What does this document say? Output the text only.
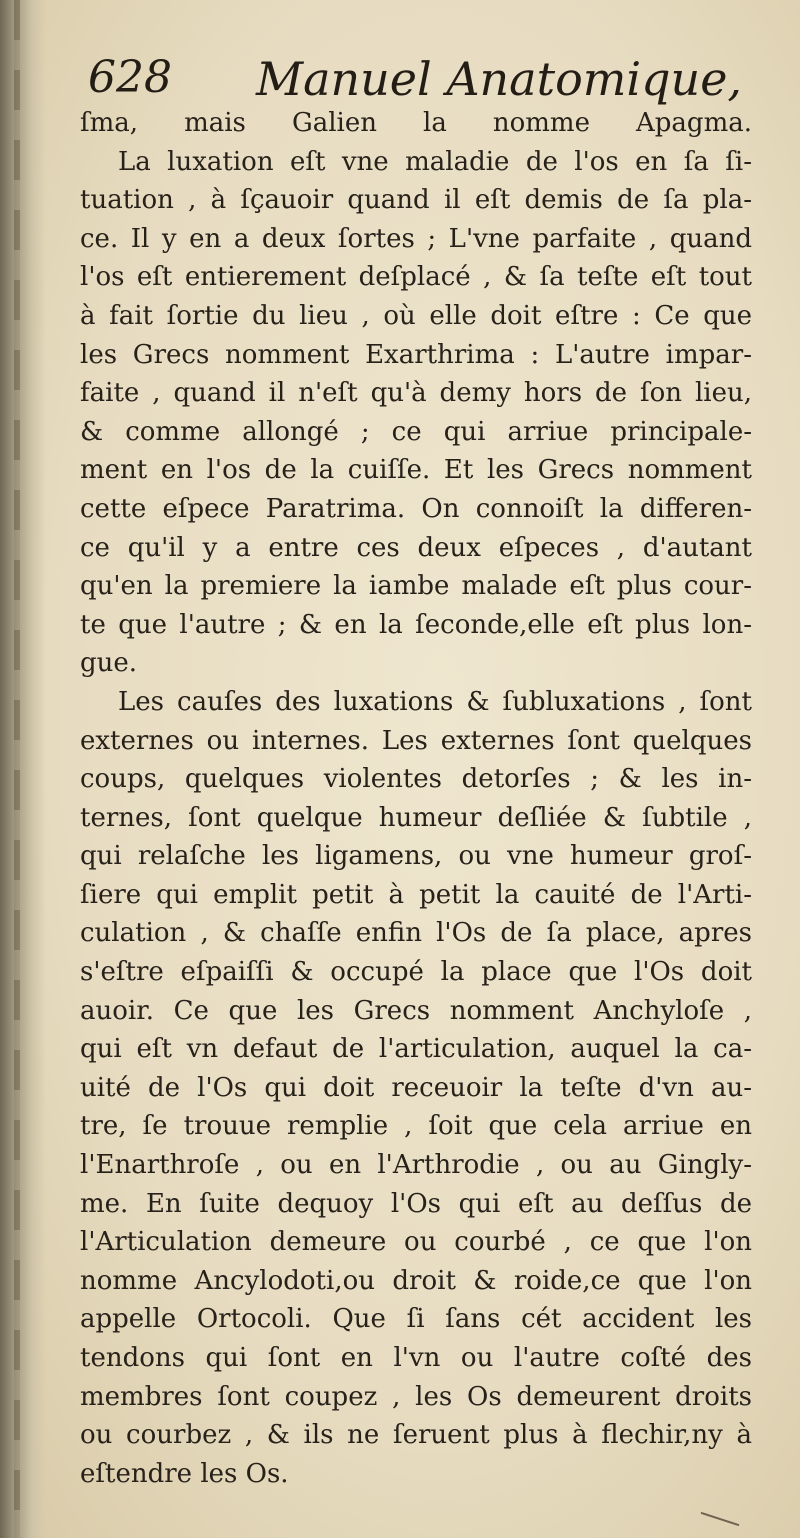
628 Manuel Anatomique,
ſma, mais Galien la nomme Apagma.
La luxation eſt vne maladie de l'os en ſa ſi-
tuation , à ſçauoir quand il eſt demis de ſa pla-
ce. Il y en a deux ſortes ; L'vne parfaite , quand
l'os eſt entierement deſplacé , & ſa teſte eſt tout
à fait ſortie du lieu , où elle doit eſtre : Ce que
les Grecs nomment Exarthrima : L'autre impar-
faite , quand il n'eſt qu'à demy hors de ſon lieu,
& comme allongé ; ce qui arriue principale-
ment en l'os de la cuiſſe. Et les Grecs nomment
cette eſpece Paratrima. On connoiſt la differen-
ce qu'il y a entre ces deux eſpeces , d'autant
qu'en la premiere la iambe malade eſt plus cour-
te que l'autre ; & en la ſeconde,elle eſt plus lon-
gue.
Les cauſes des luxations & ſubluxations , ſont
externes ou internes. Les externes ſont quelques
coups, quelques violentes detorſes ; & les in-
ternes, ſont quelque humeur deſliée & ſubtile ,
qui relaſche les ligamens, ou vne humeur groſ-
ſiere qui emplit petit à petit la cauité de l'Arti-
culation , & chaſſe enfin l'Os de ſa place, apres
s'eſtre eſpaiſſi & occupé la place que l'Os doit
auoir. Ce que les Grecs nomment Anchyloſe ,
qui eſt vn defaut de l'articulation, auquel la ca-
uité de l'Os qui doit receuoir la teſte d'vn au-
tre, ſe trouue remplie , ſoit que cela arriue en
l'Enarthroſe , ou en l'Arthrodie , ou au Gingly-
me. En ſuite dequoy l'Os qui eſt au deſſus de
l'Articulation demeure ou courbé , ce que l'on
nomme Ancylodoti,ou droit & roide,ce que l'on
appelle Ortocoli. Que ſi ſans cét accident les
tendons qui ſont en l'vn ou l'autre coſté des
membres ſont coupez , les Os demeurent droits
ou courbez , & ils ne ſeruent plus à flechir,ny à
eſtendre les Os.
